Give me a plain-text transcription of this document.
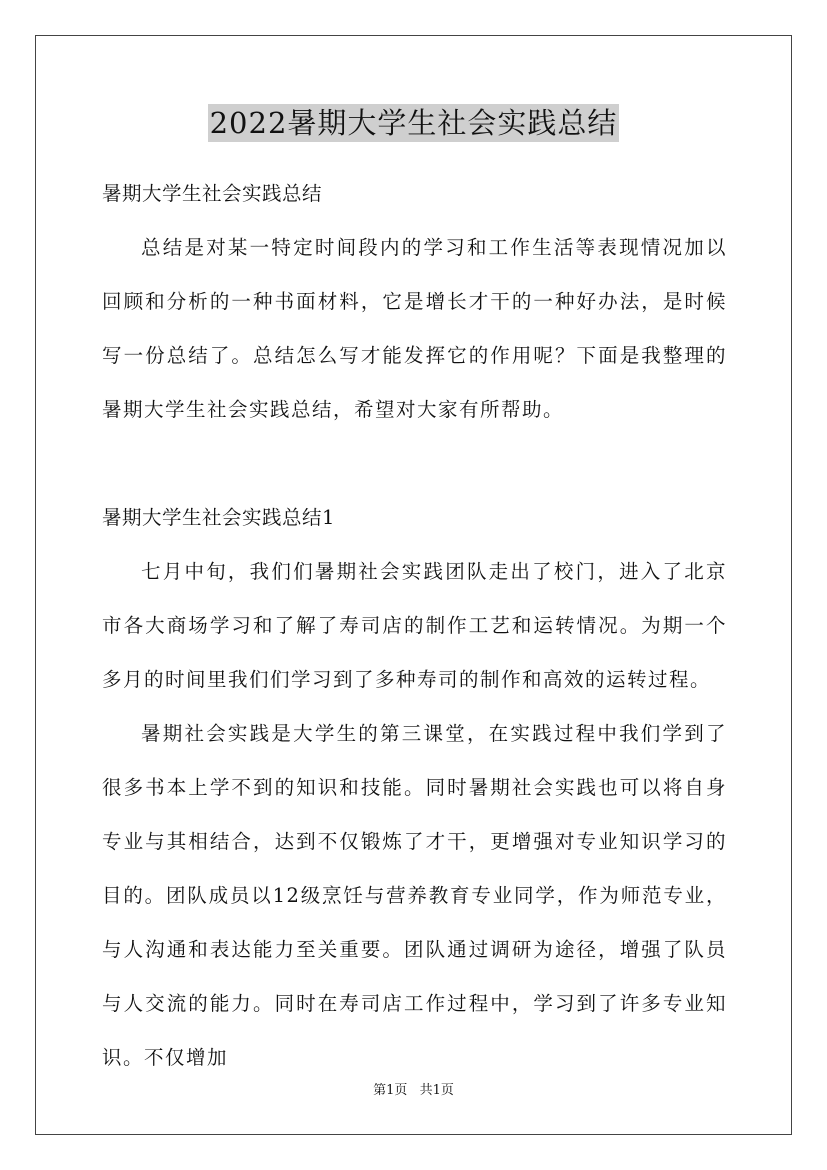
2022暑期大学生社会实践总结

暑期大学生社会实践总结

总结是对某一特定时间段内的学习和工作生活等表现情况加以回顾和分析的一种书面材料，它是增长才干的一种好办法，是时候写一份总结了。总结怎么写才能发挥它的作用呢？下面是我整理的暑期大学生社会实践总结，希望对大家有所帮助。

暑期大学生社会实践总结1

七月中旬，我们们暑期社会实践团队走出了校门，进入了北京市各大商场学习和了解了寿司店的制作工艺和运转情况。为期一个多月的时间里我们们学习到了多种寿司的制作和高效的运转过程。

暑期社会实践是大学生的第三课堂，在实践过程中我们学到了很多书本上学不到的知识和技能。同时暑期社会实践也可以将自身专业与其相结合，达到不仅锻炼了才干，更增强对专业知识学习的目的。团队成员以12级烹饪与营养教育专业同学，作为师范专业，与人沟通和表达能力至关重要。团队通过调研为途径，增强了队员与人交流的能力。同时在寿司店工作过程中，学习到了许多专业知识。不仅增加

第1页 共1页
